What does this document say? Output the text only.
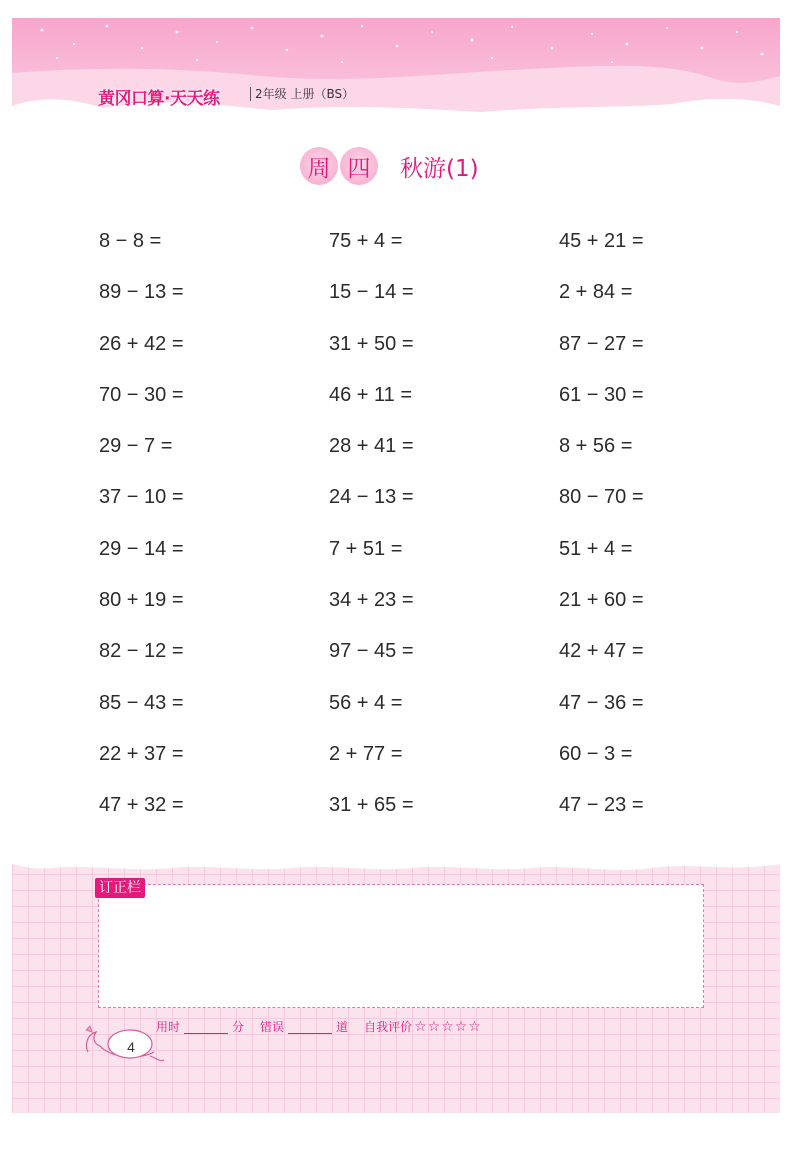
黄冈口算·天天练	2年级 上册（BS）
周 四	秋游(1)
8 − 8 =	75 + 4 =	45 + 21 =
89 − 13 =	15 − 14 =	2 + 84 =
26 + 42 =	31 + 50 =	87 − 27 =
70 − 30 =	46 + 11 =	61 − 30 =
29 − 7 =	28 + 41 =	8 + 56 =
37 − 10 =	24 − 13 =	80 − 70 =
29 − 14 =	7 + 51 =	51 + 4 =
80 + 19 =	34 + 23 =	21 + 60 =
82 − 12 =	97 − 45 =	42 + 47 =
85 − 43 =	56 + 4 =	47 − 36 =
22 + 37 =	2 + 77 =	60 − 3 =
47 + 32 =	31 + 65 =	47 − 23 =
订正栏
用时	分 错误	道 自我评价 ☆☆☆☆☆
4
